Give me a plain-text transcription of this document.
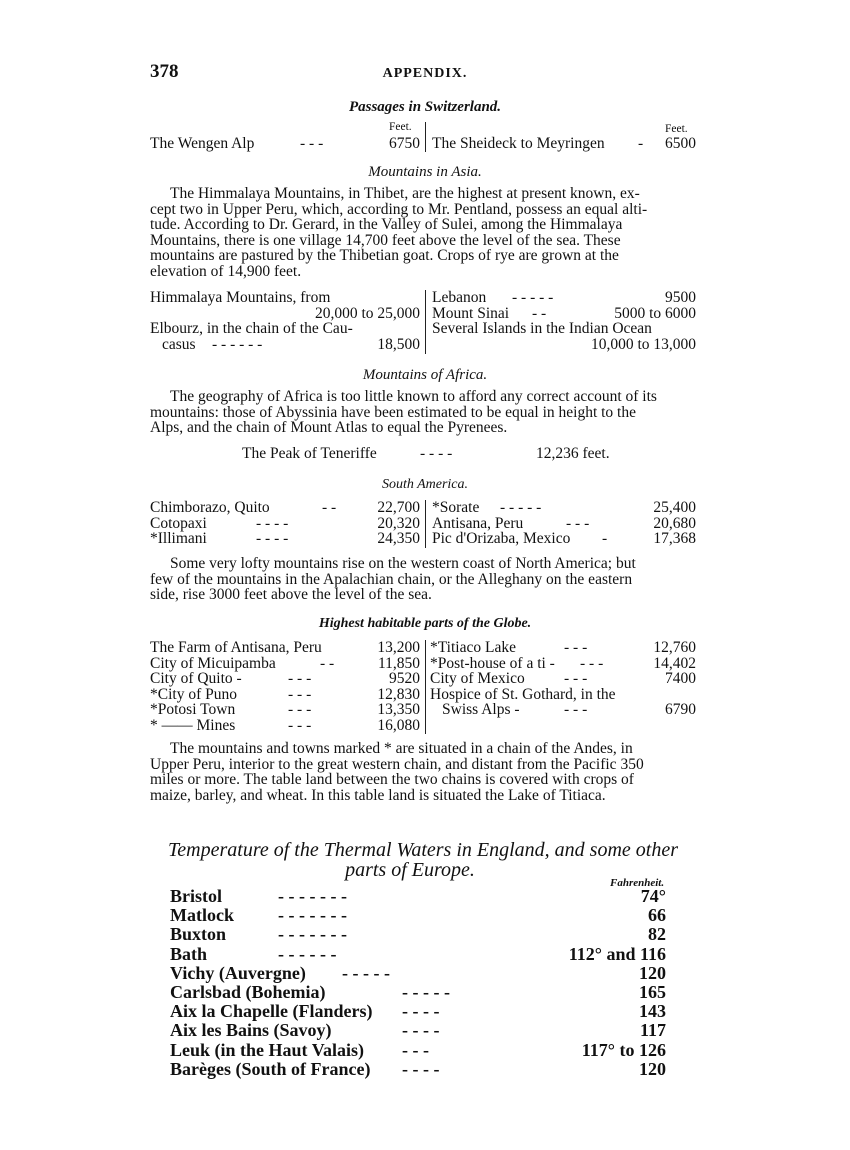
378	APPENDIX.
Passages in Switzerland.
Feet.	Feet.
The Wengen Alp	- - -	6750 The Sheideck to Meyringen -	6500
Mountains in Asia.
The Himmalaya Mountains, in Thibet, are the highest at present known, ex-
cept two in Upper Peru, which, according to Mr. Pentland, possess an equal alti-
tude. According to Dr. Gerard, in the Valley of Sulei, among the Himmalaya
Mountains, there is one village 14,700 feet above the level of the sea. These
mountains are pastured by the Thibetian goat. Crops of rye are grown at the
elevation of 14,900 feet.
Himmalaya Mountains, from
20,000 to 25,000
Elbourz, in the chain of the Cau-
casus - - - - - -	18,500
Lebanon - - - - -	9500
Mount Sinai - -	5000 to 6000
Several Islands in the Indian Ocean
10,000 to 13,000
Mountains of Africa.
The geography of Africa is too little known to afford any correct account of its
mountains: those of Abyssinia have been estimated to be equal in height to the
Alps, and the chain of Mount Atlas to equal the Pyrenees.
The Peak of Teneriffe	- - - -	12,236 feet.
South America.
Chimborazo, Quito	- -	22,700
Cotopaxi	- - - -	20,320
*Illimani	- - - -	24,350
*Sorate - - - - -	25,400
Antisana, Peru	- - -	20,680
Pic d'Orizaba, Mexico -	17,368
Some very lofty mountains rise on the western coast of North America; but
few of the mountains in the Apalachian chain, or the Alleghany on the eastern
side, rise 3000 feet above the level of the sea.
Highest habitable parts of the Globe.
The Farm of Antisana, Peru	13,200
City of Micuipamba	- -	11,850
City of Quito -	- - -	9520
*City of Puno	- - -	12,830
*Potosi Town	- - -	13,350
* —— Mines	- - -	16,080
*Titiaco Lake	- - -	12,760
*Post-house of a ti - - - -	14,402
City of Mexico	- - -	7400
Hospice of St. Gothard, in the
Swiss Alps -	- - -	6790
The mountains and towns marked * are situated in a chain of the Andes, in
Upper Peru, interior to the great western chain, and distant from the Pacific 350
miles or more. The table land between the two chains is covered with crops of
maize, barley, and wheat. In this table land is situated the Lake of Titiaca.
Temperature of the Thermal Waters in England, and some other
parts of Europe.
Fahrenheit.
Bristol	- - - - - - -	74°
Matlock - - - - - - -	66
Buxton	- - - - - - -	82
Bath	- - - - - -	112° and 116
Vichy (Auvergne) - - - - -	120
Carlsbad (Bohemia)	- - - - -	165
Aix la Chapelle (Flanders) - - - -	143
Aix les Bains (Savoy)	- - - -	117
Leuk (in the Haut Valais) - - -	117° to 126
Barèges (South of France) - - - -	120
